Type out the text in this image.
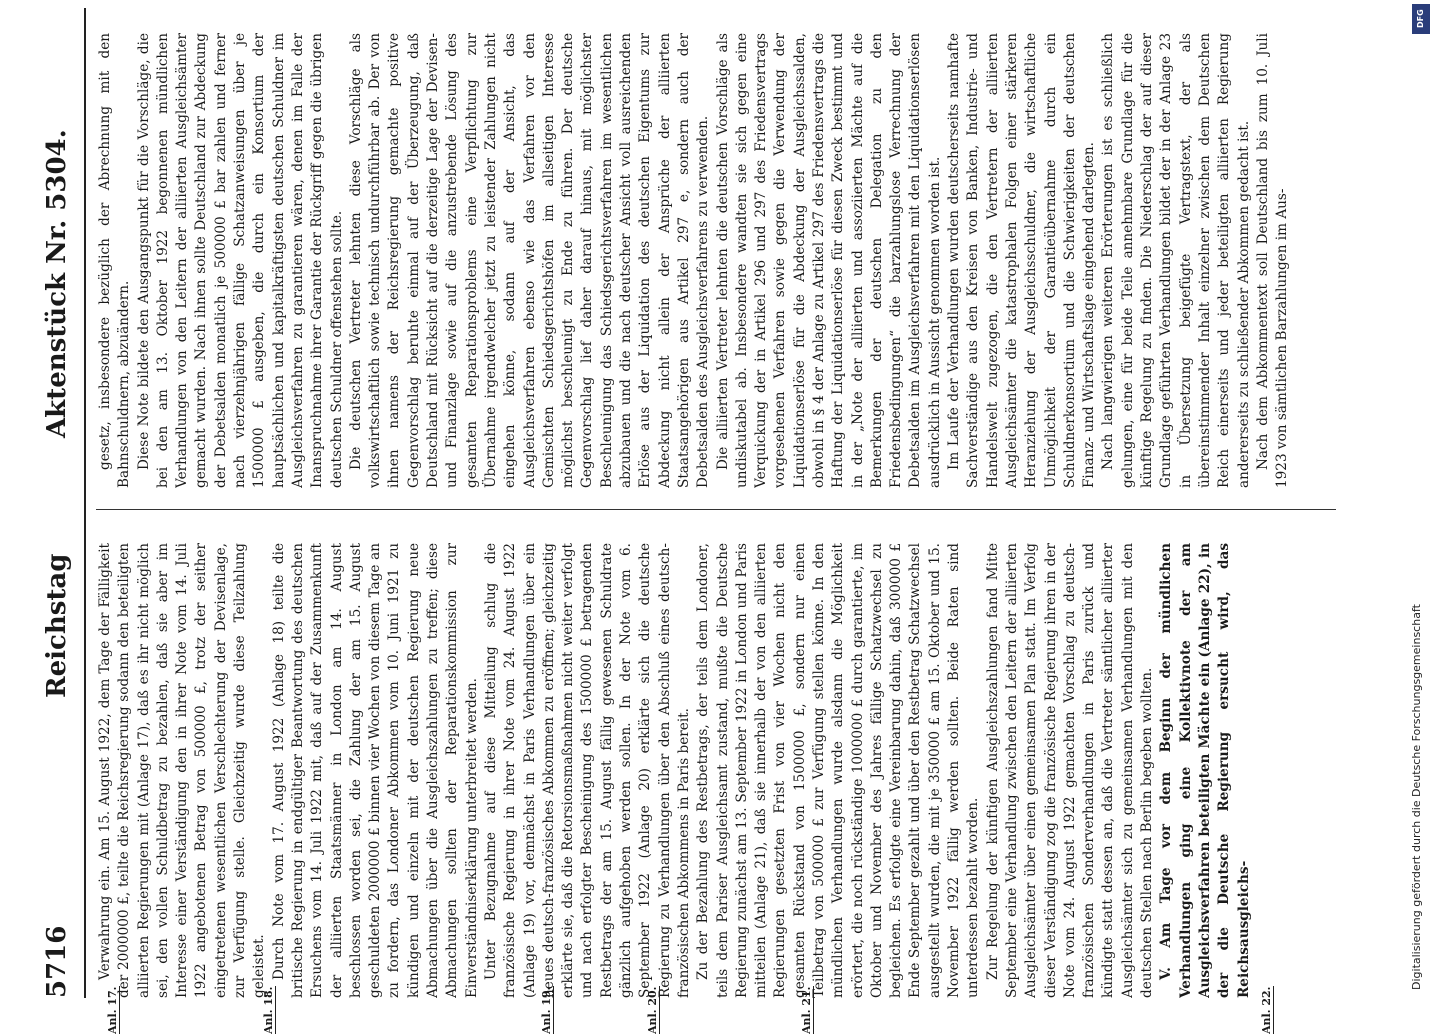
5716
Reichstag
Aktenstück Nr. 5304.
Anl. 17.	Anl. 18.	Anl. 19.	Anl. 20.	Anl. 21.	Anl. 22.

Verwahrung ein. Am 15. August 1922, dem Tage der Fälligkeit der 2000000 £, teilte die Reichsregierung sodann den beteiligten alliierten Regierungen mit (Anlage 17), daß es ihr nicht möglich sei, den vollen Schuldbetrag zu bezahlen, daß sie aber im Interesse einer Verständigung den in ihrer Note vom 14. Juli 1922 angebotenen Betrag von 500000 £, trotz der seither eingetretenen wesentlichen Verschlechterung der Devisenlage, zur Verfügung stelle. Gleichzeitig wurde diese Teilzahlung geleistet. Durch Note vom 17. August 1922 (Anlage 18) teilte die britische Regierung in endgültiger Beantwortung des deutschen Ersuchens vom 14. Juli 1922 mit, daß auf der Zusammenkunft der alliierten Staatsmänner in London am 14. August beschlossen worden sei, die Zahlung der am 15. August geschuldeten 2000000 £ binnen vier Wochen von diesem Tage an zu fordern, das Londoner Abkommen vom 10. Juni 1921 zu kündigen und einzeln mit der deutschen Regierung neue Abmachungen über die Ausgleichszahlungen zu treffen; diese Abmachungen sollten der Reparationskommission zur Einverständniserklärung unterbreitet werden. Unter Bezugnahme auf diese Mitteilung schlug die französische Regierung in ihrer Note vom 24. August 1922 (Anlage 19) vor, demnächst in Paris Verhandlungen über ein neues deutsch-französisches Abkommen zu eröffnen; gleichzeitig erklärte sie, daß die Retorsionsmaßnahmen nicht weiter verfolgt und nach erfolgter Bescheinigung des 1500000 £ betragenden Restbetrags der am 15. August fällig gewesenen Schuldrate gänzlich aufgehoben werden sollen. In der Note vom 6. September 1922 (Anlage 20) erklärte sich die deutsche Regierung zu Verhandlungen über den Abschluß eines deutsch-französischen Abkommens in Paris bereit. Zu der Bezahlung des Restbetrags, der teils dem Londoner, teils dem Pariser Ausgleichsamt zustand, mußte die Deutsche Regierung zunächst am 13. September 1922 in London und Paris mitteilen (Anlage 21), daß sie innerhalb der von den alliierten Regierungen gesetzten Frist von vier Wochen nicht den gesamten Rückstand von 1500000 £, sondern nur einen Teilbetrag von 500000 £ zur Verfügung stellen könne. In den mündlichen Verhandlungen wurde alsdann die Möglichkeit erörtert, die noch rückständige 1000000 £ durch garantierte, im Oktober und November des Jahres fällige Schatzwechsel zu begleichen. Es erfolgte eine Vereinbarung dahin, daß 300000 £ Ende September gezahlt und über den Restbetrag Schatzwechsel ausgestellt wurden, die mit je 350000 £ am 15. Oktober und 15. November 1922 fällig werden sollten. Beide Raten sind unterdessen bezahlt worden. Zur Regelung der künftigen Ausgleichszahlungen fand Mitte September eine Verhandlung zwischen den Leitern der alliierten Ausgleichsämter über einen gemeinsamen Plan statt. Im Verfolg dieser Verständigung zog die französische Regierung ihren in der Note vom 24. August 1922 gemachten Vorschlag zu deutsch-französischen Sonderverhandlungen in Paris zurück und kündigte statt dessen an, daß die Vertreter sämtlicher alliierter Ausgleichsämter sich zu gemeinsamen Verhandlungen mit den deutschen Stellen nach Berlin begeben wollten. V. Am Tage vor dem Beginn der mündlichen Verhandlungen ging eine Kollektivnote der am Ausgleichsverfahren beteiligten Mächte ein (Anlage 22), in der die Deutsche Regierung ersucht wird, das Reichsausgleichs-

gesetz, insbesondere bezüglich der Abrechnung mit den Bahnschuldnern, abzuändern. Diese Note bildete den Ausgangspunkt für die Vorschläge, die bei den am 13. Oktober 1922 begonnenen mündlichen Verhandlungen von den Leitern der alliierten Ausgleichsämter gemacht wurden. Nach ihnen sollte Deutschland zur Abdeckung der Debetsalden monatlich je 500000 £ bar zahlen und ferner nach vierzehnjährigen fällige Schatzanweisungen über je 1500000 £ ausgeben, die durch ein Konsortium der hauptsächlichen und kapitalkräftigsten deutschen Schuldner im Ausgleichsverfahren zu garantieren wären, denen im Falle der Inanspruchnahme ihrer Garantie der Rückgriff gegen die übrigen deutschen Schuldner offenstehen sollte. Die deutschen Vertreter lehnten diese Vorschläge als volkswirtschaftlich sowie technisch undurchführbar ab. Der von ihnen namens der Reichsregierung gemachte positive Gegenvorschlag beruhte einmal auf der Überzeugung, daß Deutschland mit Rücksicht auf die derzeitige Lage der Devisen- und Finanzlage sowie auf die anzustrebende Lösung des gesamten Reparationsproblems eine Verpflichtung zur Übernahme irgendwelcher jetzt zu leistender Zahlungen nicht eingehen könne, sodann auf der Ansicht, das Ausgleichsverfahren ebenso wie das Verfahren vor den Gemischten Schiedsgerichtshöfen im allseitigen Interesse möglichst beschleunigt zu Ende zu führen. Der deutsche Gegenvorschlag lief daher darauf hinaus, mit möglichster Beschleunigung das Schiedsgerichtsverfahren im wesentlichen abzubauen und die nach deutscher Ansicht voll ausreichenden Erlöse aus der Liquidation des deutschen Eigentums zur Abdeckung nicht allein der Ansprüche der alliierten Staatsangehörigen aus Artikel 297 e, sondern auch der Debetsalden des Ausgleichsverfahrens zu verwenden. Die alliierten Vertreter lehnten die deutschen Vorschläge als undiskutabel ab. Insbesondere wandten sie sich gegen eine Verquickung der in Artikel 296 und 297 des Friedensvertrags vorgesehenen Verfahren sowie gegen die Verwendung der Liquidationserlöse für die Abdeckung der Ausgleichssalden, obwohl in § 4 der Anlage zu Artikel 297 des Friedensvertrags die Haftung der Liquidationserlöse für diesen Zweck bestimmt und in der „Note der alliierten und assoziierten Mächte auf die Bemerkungen der deutschen Delegation zu den Friedensbedingungen“ die barzahlungslose Verrechnung der Debetsalden im Ausgleichsverfahren mit den Liquidationserlösen ausdrücklich in Aussicht genommen worden ist. Im Laufe der Verhandlungen wurden deutscherseits namhafte Sachverständige aus den Kreisen von Banken, Industrie- und Handelswelt zugezogen, die den Vertretern der alliierten Ausgleichsämter die katastrophalen Folgen einer stärkeren Heranziehung der Ausgleichsschuldner, die wirtschaftliche Unmöglichkeit der Garantieübernahme durch ein Schuldnerkonsortium und die Schwierigkeiten der deutschen Finanz- und Wirtschaftslage eingehend darlegten. Nach langwierigen weiteren Erörterungen ist es schließlich gelungen, eine für beide Teile annehmbare Grundlage für die künftige Regelung zu finden. Die Niederschlag der auf dieser Grundlage geführten Verhandlungen bildet der in der Anlage 23 in Übersetzung beigefügte Vertragstext, der als übereinstimmender Inhalt einzelner zwischen dem Deutschen Reich einerseits und jeder beteiligten alliierten Regierung andererseits zu schließender Abkommen gedacht ist. Nach dem Abkommentext soll Deutschland bis zum 10. Juli 1923 von sämtlichen Barzahlungen im Aus-

DFG
Digitalisierung gefördert durch die Deutsche Forschungsgemeinschaft
